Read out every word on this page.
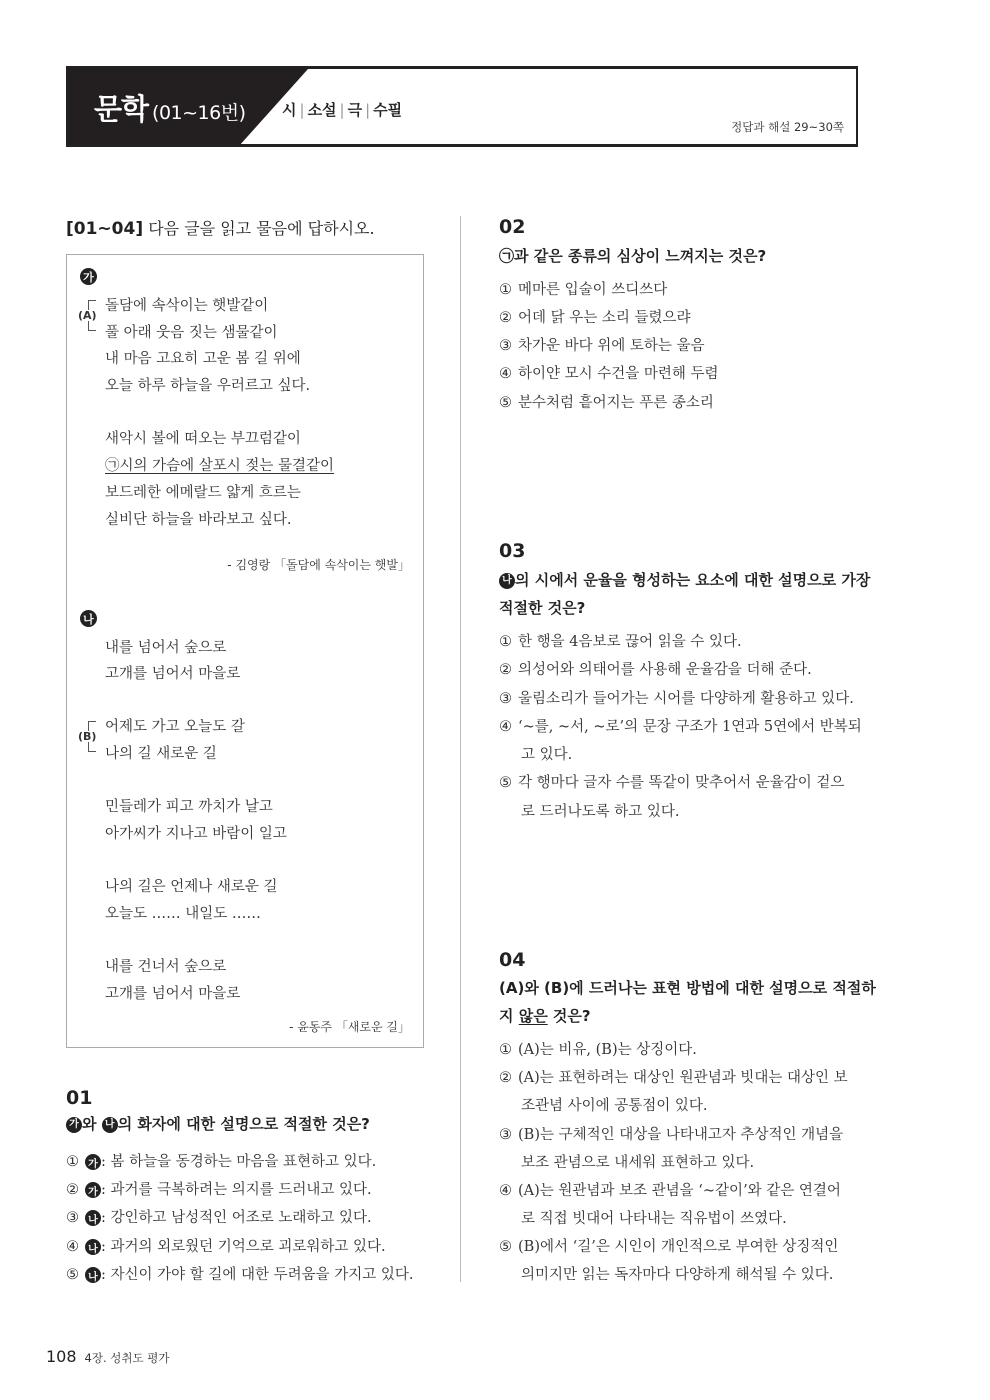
문학 (01~16번) 시 | 소설 | 극 | 수필
정답과 해설 29~30쪽
[01~04] 다음 글을 읽고 물음에 답하시오.
가
(A)
돌담에 속삭이는 햇발같이
풀 아래 웃음 짓는 샘물같이
내 마음 고요히 고운 봄 길 위에
오늘 하루 하늘을 우러르고 싶다.
새악시 볼에 떠오는 부끄럼같이
㉠시의 가슴에 살포시 젖는 물결같이
보드레한 에메랄드 얇게 흐르는
실비단 하늘을 바라보고 싶다.
- 김영랑 「돌담에 속삭이는 햇발」
나
내를 넘어서 숲으로
고개를 넘어서 마을로
(B)
어제도 가고 오늘도 갈
나의 길 새로운 길
민들레가 피고 까치가 날고
아가씨가 지나고 바람이 일고
나의 길은 언제나 새로운 길
오늘도 …… 내일도 ……
내를 건너서 숲으로
고개를 넘어서 마을로
- 윤동주 「새로운 길」
01
가 와 나 의 화자에 대한 설명으로 적절한 것은?
① 가 : 봄 하늘을 동경하는 마음을 표현하고 있다.
② 가 : 과거를 극복하려는 의지를 드러내고 있다.
③ 나 : 강인하고 남성적인 어조로 노래하고 있다.
④ 나 : 과거의 외로웠던 기억으로 괴로워하고 있다.
⑤ 나 : 자신이 가야 할 길에 대한 두려움을 가지고 있다.
02
㉠과 같은 종류의 심상이 느껴지는 것은?
① 메마른 입술이 쓰디쓰다
② 어데 닭 우는 소리 들렸으랴
③ 차가운 바다 위에 토하는 울음
④ 하이얀 모시 수건을 마련해 두렴
⑤ 분수처럼 흩어지는 푸른 종소리
03
나 의 시에서 운율을 형성하는 요소에 대한 설명으로 가장
적절한 것은?
① 한 행을 4음보로 끊어 읽을 수 있다.
② 의성어와 의태어를 사용해 운율감을 더해 준다.
③ 울림소리가 들어가는 시어를 다양하게 활용하고 있다.
④ ‘~를, ~서, ~로’의 문장 구조가 1연과 5연에서 반복되
고 있다.
⑤ 각 행마다 글자 수를 똑같이 맞추어서 운율감이 겉으
로 드러나도록 하고 있다.
04
(A)와 (B)에 드러나는 표현 방법에 대한 설명으로 적절하
지 않은 것은?
① (A)는 비유, (B)는 상징이다.
② (A)는 표현하려는 대상인 원관념과 빗대는 대상인 보
조관념 사이에 공통점이 있다.
③ (B)는 구체적인 대상을 나타내고자 추상적인 개념을
보조 관념으로 내세워 표현하고 있다.
④ (A)는 원관념과 보조 관념을 ‘~같이’와 같은 연결어
로 직접 빗대어 나타내는 직유법이 쓰였다.
⑤ (B)에서 ‘길’은 시인이 개인적으로 부여한 상징적인
의미지만 읽는 독자마다 다양하게 해석될 수 있다.
108 4장. 성취도 평가
